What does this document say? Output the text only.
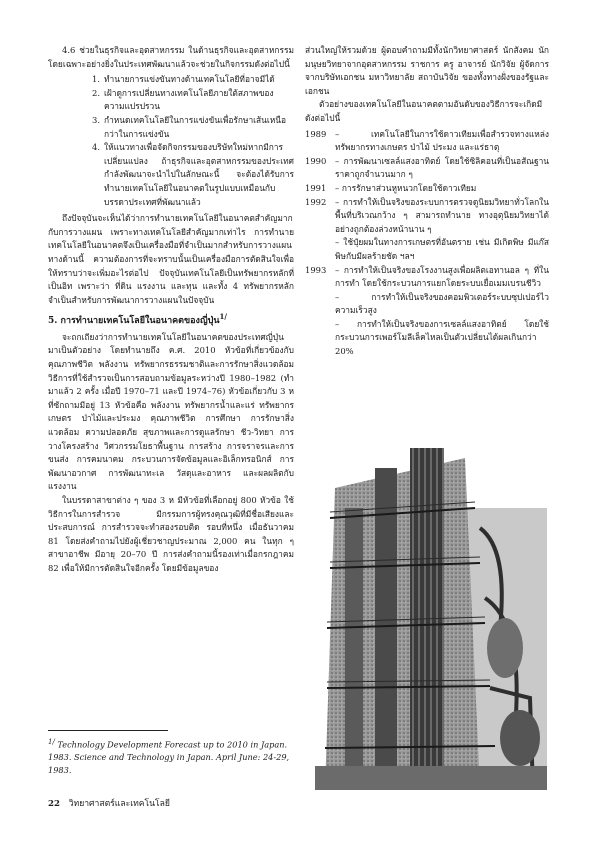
4.6 ช่วยในธุรกิจและอุตสาหกรรม ในด้านธุรกิจและอุตสาหกรรม โดยเฉพาะอย่างยิ่งในประเทศพัฒนาแล้วจะช่วยในกิจกรรมดังต่อไปนี้

1. ทำนายการแข่งขันทางด้านเทคโนโลยีที่อาจมีได้
2. เฝ้าดูการเปลี่ยนทางเทคโนโลยีภายใต้สภาพของความแปรปรวน
3. กำหนดเทคโนโลยีในการแข่งขันเพื่อรักษาเส้นเหนือกว่าในการแข่งขัน
4. ให้แนวทางเพื่อจัดกิจกรรมของบริษัทใหม่หากมีการเปลี่ยนแปลง ถ้าธุรกิจและอุตสาหกรรมของประเทศกำลังพัฒนาจะนำไปในลักษณะนี้ จะต้องได้รับการทำนายเทคโนโลยีในอนาคตในรูปแบบเหมือนกับบรรดาประเทศที่พัฒนาแล้ว

ถึงปัจจุบันจะเห็นได้ว่าการทำนายเทคโนโลยีในอนาคตสำคัญมากกับการวางแผน เพราะทางเทคโนโลยีสำคัญมากเท่าไร การทำนายเทคโนโลยีในอนาคตจึงเป็นเครื่องมือที่จำเป็นมากสำหรับการวางแผนทางด้านนี้ ความต้องการที่จะทราบนั้นเป็นเครื่องมือการตัดสินใจเพื่อให้ทราบว่าจะเพิ่มอะไรต่อไป ปัจจุบันเทคโนโลยีเป็นทรัพยากรหลักที่เป็นอิท เพราะว่า ที่ดิน แรงงาน และทุน และทั้ง 4 ทรัพยากรหลักจำเป็นสำหรับการพัฒนาการวางแผนในปัจจุบัน

5. การทำนายเทคโนโลยีในอนาคตของญี่ปุ่น$^{1/}$

จะถกเถียงว่าการทำนายเทคโนโลยีในอนาคตของประเทศญี่ปุ่นมาเป็นตัวอย่าง โดยทำนายถึง ค.ศ. 2010 หัวข้อที่เกี่ยวข้องกับ คุณภาพชีวิต พลังงาน ทรัพยากรธรรมชาติและการรักษาสิ่งแวดล้อม วิธีการที่ใช้สำรวจเป็นการสอบถามข้อมูลระหว่างปี 1980–1982 (ทำมาแล้ว 2 ครั้ง เมื่อปี 1970–71 และปี 1974–76) หัวข้อเกี่ยวกับ 3 ห ที่ซักถามมีอยู่ 13 หัวข้อคือ พลังงาน ทรัพยากรน้ำและแร่ ทรัพยากรเกษตร ป่าไม้และประมง คุณภาพชีวิต การศึกษา การรักษาสิ่งแวดล้อม ความปลอดภัย สุขภาพและการดูแลรักษา ชีว-วิทยา การวางโครงสร้าง วิศวกรรมโยธาพื้นฐาน การสร้าง การจราจรและการขนส่ง การคมนาคม กระบวนการจัดข้อมูลและอิเล็กทรอนิกส์ การพัฒนาอวกาศ การพัฒนาทะเล วัสดุและอาหาร และผลผลิตกับแรงงาน

ในบรรดาสาขาต่าง ๆ ของ 3 ห มีหัวข้อที่เลือกอยู่ 800 หัวข้อ ใช้วิธีการในการสำรวจ มีกรรมการผู้ทรงคุณวุฒิที่มีชื่อเสียงและประสบการณ์ การสำรวจจะทำสองรอบติด รอบที่หนึ่ง เมื่อธันวาคม 81 โดยส่งคำถามไปยังผู้เชี่ยวชาญประมาณ 2,000 คน ในทุก ๆ สาขาอาชีพ มีอายุ 20–70 ปี การส่งคำถามนี้รองเท่าเมื่อกรกฎาคม 82 เพื่อให้มีการตัดสินใจอีกครั้ง โดยมีข้อมูลของ

ส่วนใหญ่ให้รวมด้วย ผู้ตอบคำถามมีทั้งนักวิทยาศาสตร์ นักสังคม นักมนุษยวิทยาจากอุตสาหกรรม ราชการ ครู อาจารย์ นักวิจัย ผู้จัดการจากบริษัทเอกชน มหาวิทยาลัย สถาบันวิจัย ของทั้งทางฝั่งของรัฐและเอกชน

ตัวอย่างของเทคโนโลยีในอนาคตตามอันดับของวิธีการจะเกิดมีดังต่อไปนี้

1989	– เทคโนโลยีในการใช้ดาวเทียมเพื่อสำรวจทางแหล่งทรัพยากรทางเกษตร ป่าไม้ ประมง และแร่ธาตุ
1990	– การพัฒนาเซลล์แสงอาทิตย์ โดยใช้ซิลิคอนที่เป็นอสัณฐานราคาถูกจำนวนมาก ๆ
1991	– การรักษาส่วนหูหนวกโดยใช้ดาวเทียม
1992	– การทำให้เป็นจริงของระบบการตรวจดูนิยมวิทยาทั่วโลกในพื้นที่บริเวณกว้าง ๆ สามารถทำนาย ทางอุตุนิยมวิทยาได้อย่างถูกต้องล่วงหน้านาน ๆ
– ใช้ปุ๋ยผมในทางการเกษตรที่อันตราย เช่น มีเกิดพิษ มีแก๊สพิษกับมีผลร้ายชัด ฯลฯ
1993	– การทำให้เป็นจริงของโรงงานสูงเพื่อผลิตเอทานอล ๆ ที่ในการทำ โดยใช้กระบวนการแยกโดยระบบเยื่อเมมเบรนชีวิว
– การทำให้เป็นจริงของคอมพิวเตอร์ระบบซุปเปอร์ไว ความเร็วสูง
– การทำให้เป็นจริงของการเซลล์แสงอาทิตย์ โดยใช้กระบวนการเพอร์โมลีเล็คไหลเป็นตัวเปลี่ยนได้ผลเกินกว่า 20%
1/ Technology Development Forecast up to 2010 in Japan. 1983. Science and Technology in Japan. April June: 24-29, 1983.
22 วิทยาศาสตร์และเทคโนโลยี
